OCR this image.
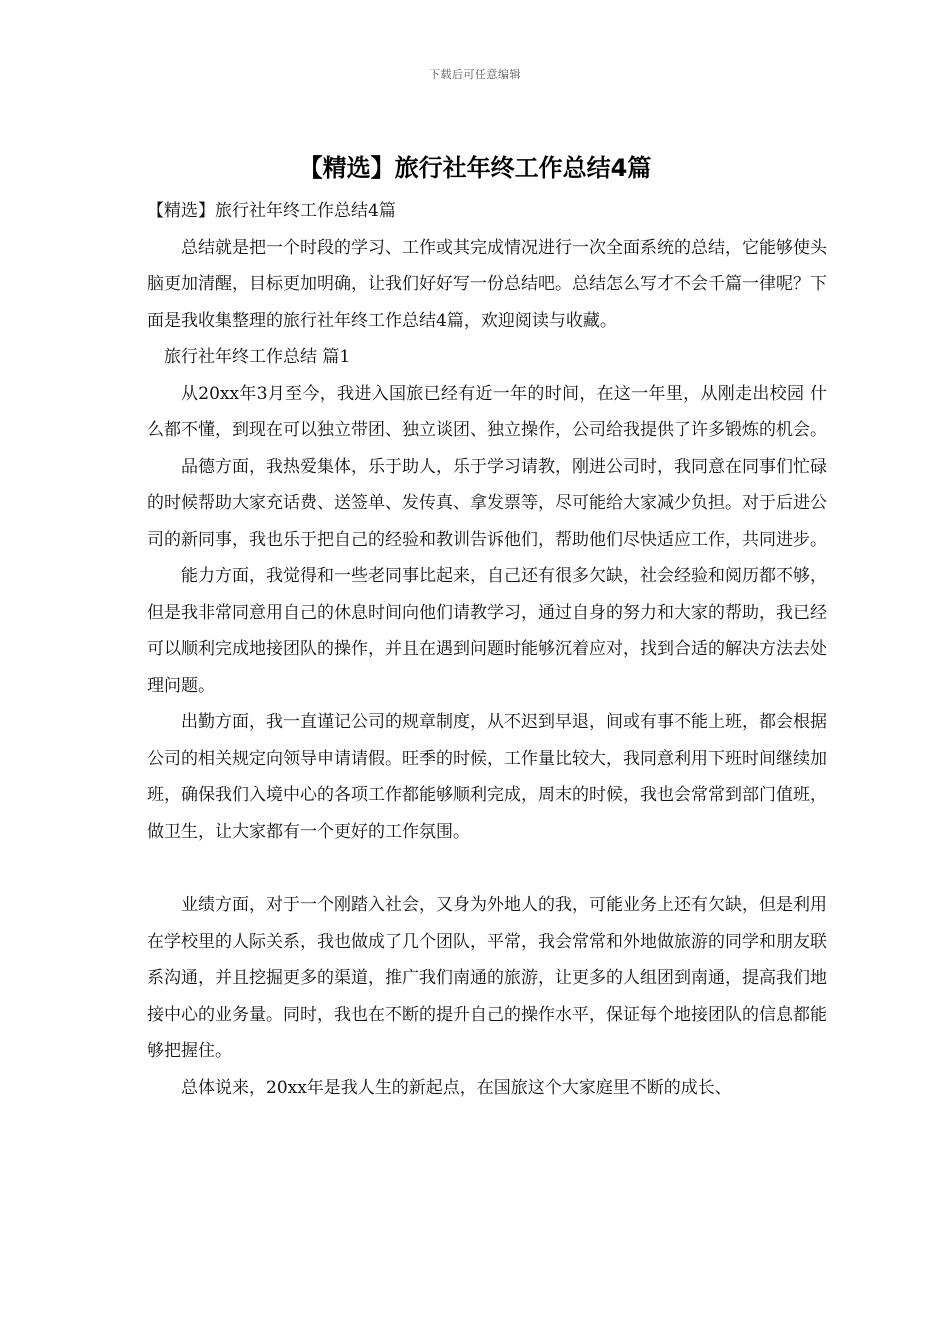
下载后可任意编辑
【精选】旅行社年终工作总结4篇

【精选】旅行社年终工作总结4篇

总结就是把一个时段的学习、工作或其完成情况进行一次全面系统的总结，它能够使头脑更加清醒，目标更加明确，让我们好好写一份总结吧。总结怎么写才不会千篇一律呢？下面是我收集整理的旅行社年终工作总结4篇，欢迎阅读与收藏。

旅行社年终工作总结 篇1

从20xx年3月至今，我进入国旅已经有近一年的时间，在这一年里，从刚走出校园 什么都不懂，到现在可以独立带团、独立谈团、独立操作，公司给我提供了许多锻炼的机会。

品德方面，我热爱集体，乐于助人，乐于学习请教，刚进公司时，我同意在同事们忙碌的时候帮助大家充话费、送签单、发传真、拿发票等，尽可能给大家减少负担。对于后进公司的新同事，我也乐于把自己的经验和教训告诉他们，帮助他们尽快适应工作，共同进步。

能力方面，我觉得和一些老同事比起来，自己还有很多欠缺，社会经验和阅历都不够，但是我非常同意用自己的休息时间向他们请教学习，通过自身的努力和大家的帮助，我已经可以顺利完成地接团队的操作，并且在遇到问题时能够沉着应对，找到合适的解决方法去处理问题。

出勤方面，我一直谨记公司的规章制度，从不迟到早退，间或有事不能上班，都会根据公司的相关规定向领导申请请假。旺季的时候，工作量比较大，我同意利用下班时间继续加班，确保我们入境中心的各项工作都能够顺利完成，周末的时候，我也会常常到部门值班，做卫生，让大家都有一个更好的工作氛围。

业绩方面，对于一个刚踏入社会，又身为外地人的我，可能业务上还有欠缺，但是利用在学校里的人际关系，我也做成了几个团队，平常，我会常常和外地做旅游的同学和朋友联系沟通，并且挖掘更多的渠道，推广我们南通的旅游，让更多的人组团到南通，提高我们地接中心的业务量。同时，我也在不断的提升自己的操作水平，保证每个地接团队的信息都能够把握住。

总体说来，20xx年是我人生的新起点，在国旅这个大家庭里不断的成长、
